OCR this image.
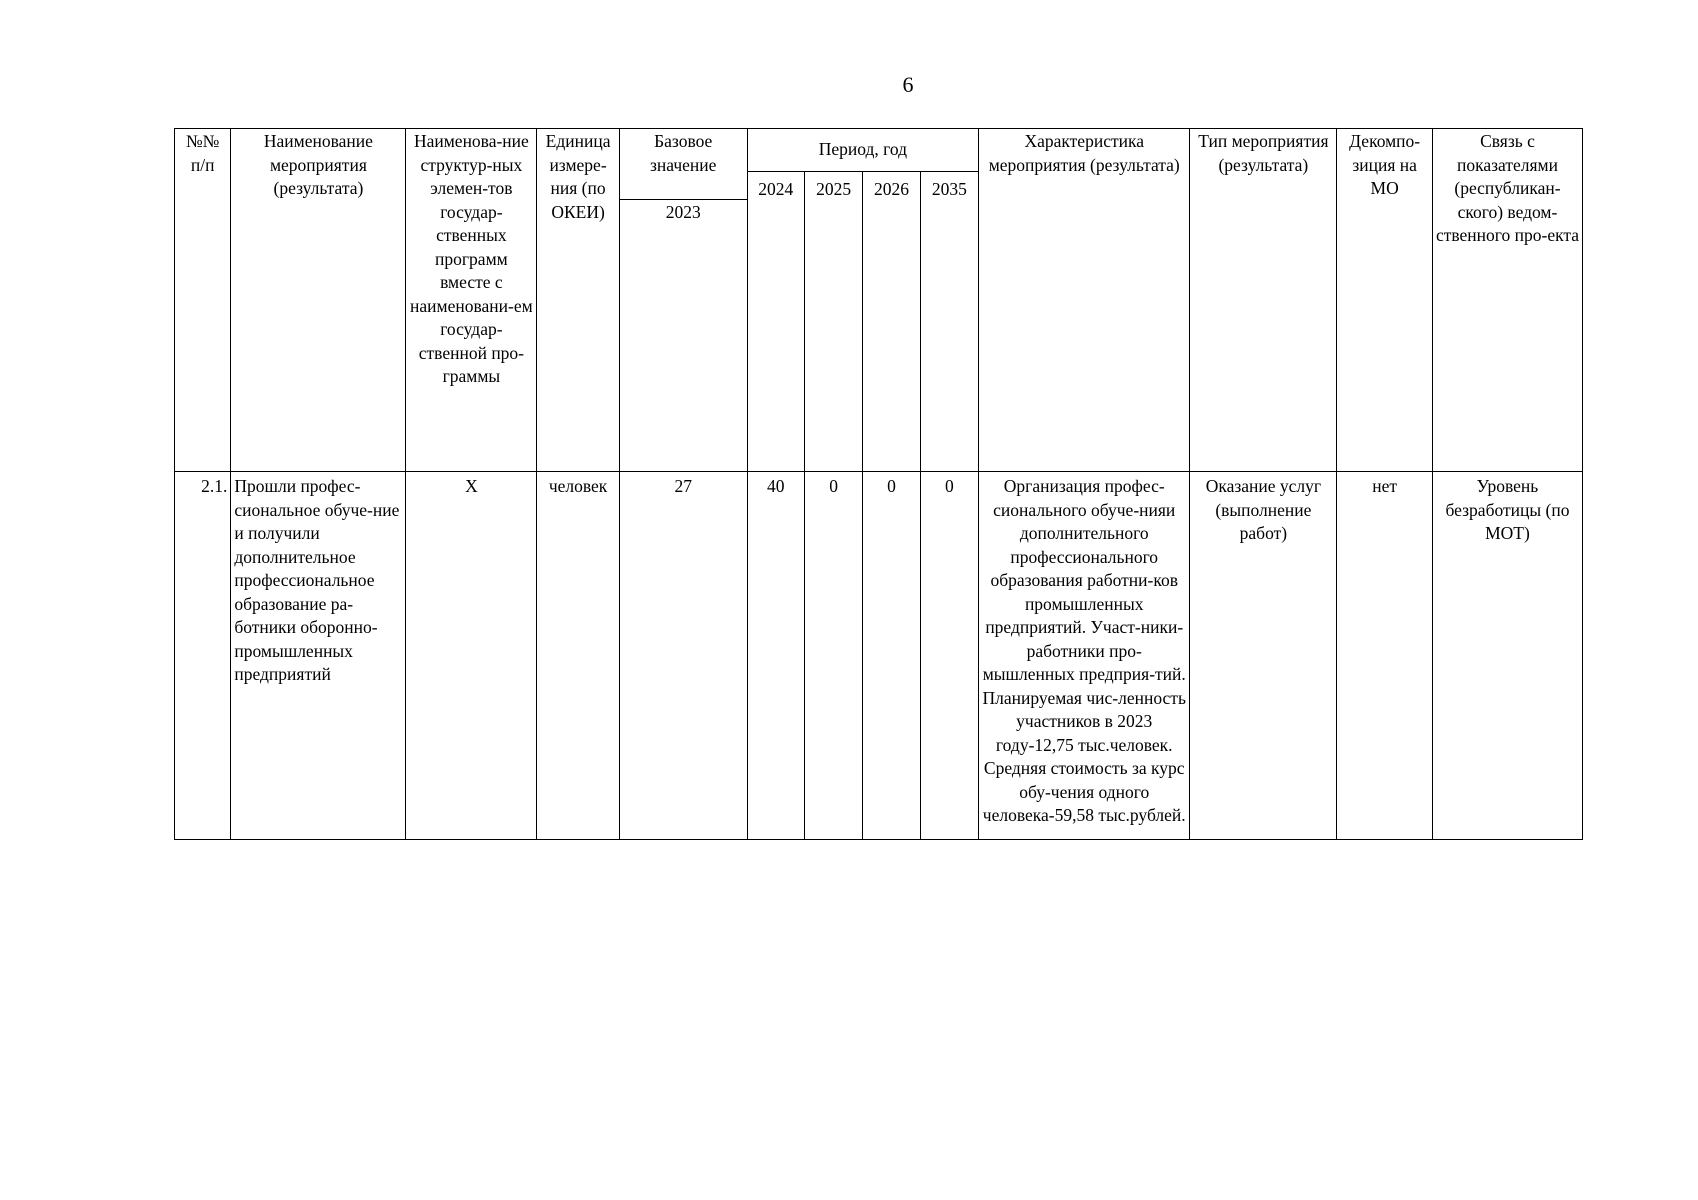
6
№№ п/п	Наименование мероприятия (результата)	Наименова-ние структур-ных элемен-тов государ-ственных программ вместе с наименовани-ем государ-ственной про-граммы	Единица измере-ния (по ОКЕИ)	Базовое значение	Период, год				Характеристика мероприятия (результата)	Тип мероприятия (результата)	Декомпо-зиция на МО	Связь с показателями (республикан-ского) ведом-ственного про-екта
					2024	2025	2026	2035				
				2023								
2.1.	Прошли профес-сиональное обуче-ние и получили дополнительное профессиональное образование ра-ботники оборонно-промышленных предприятий	Х	человек	27	40	0	0	0	Организация профес-сионального обуче-нияи дополнительного профессионального образования работни-ков промышленных предприятий. Участ-ники-работники про-мышленных предприя-тий. Планируемая чис-ленность участников в 2023 году-12,75 тыс.человек. Средняя стоимость за курс обу-чения одного человека-59,58 тыс.рублей.	Оказание услуг (выполнение работ)	нет	Уровень безработицы (по МОТ)
